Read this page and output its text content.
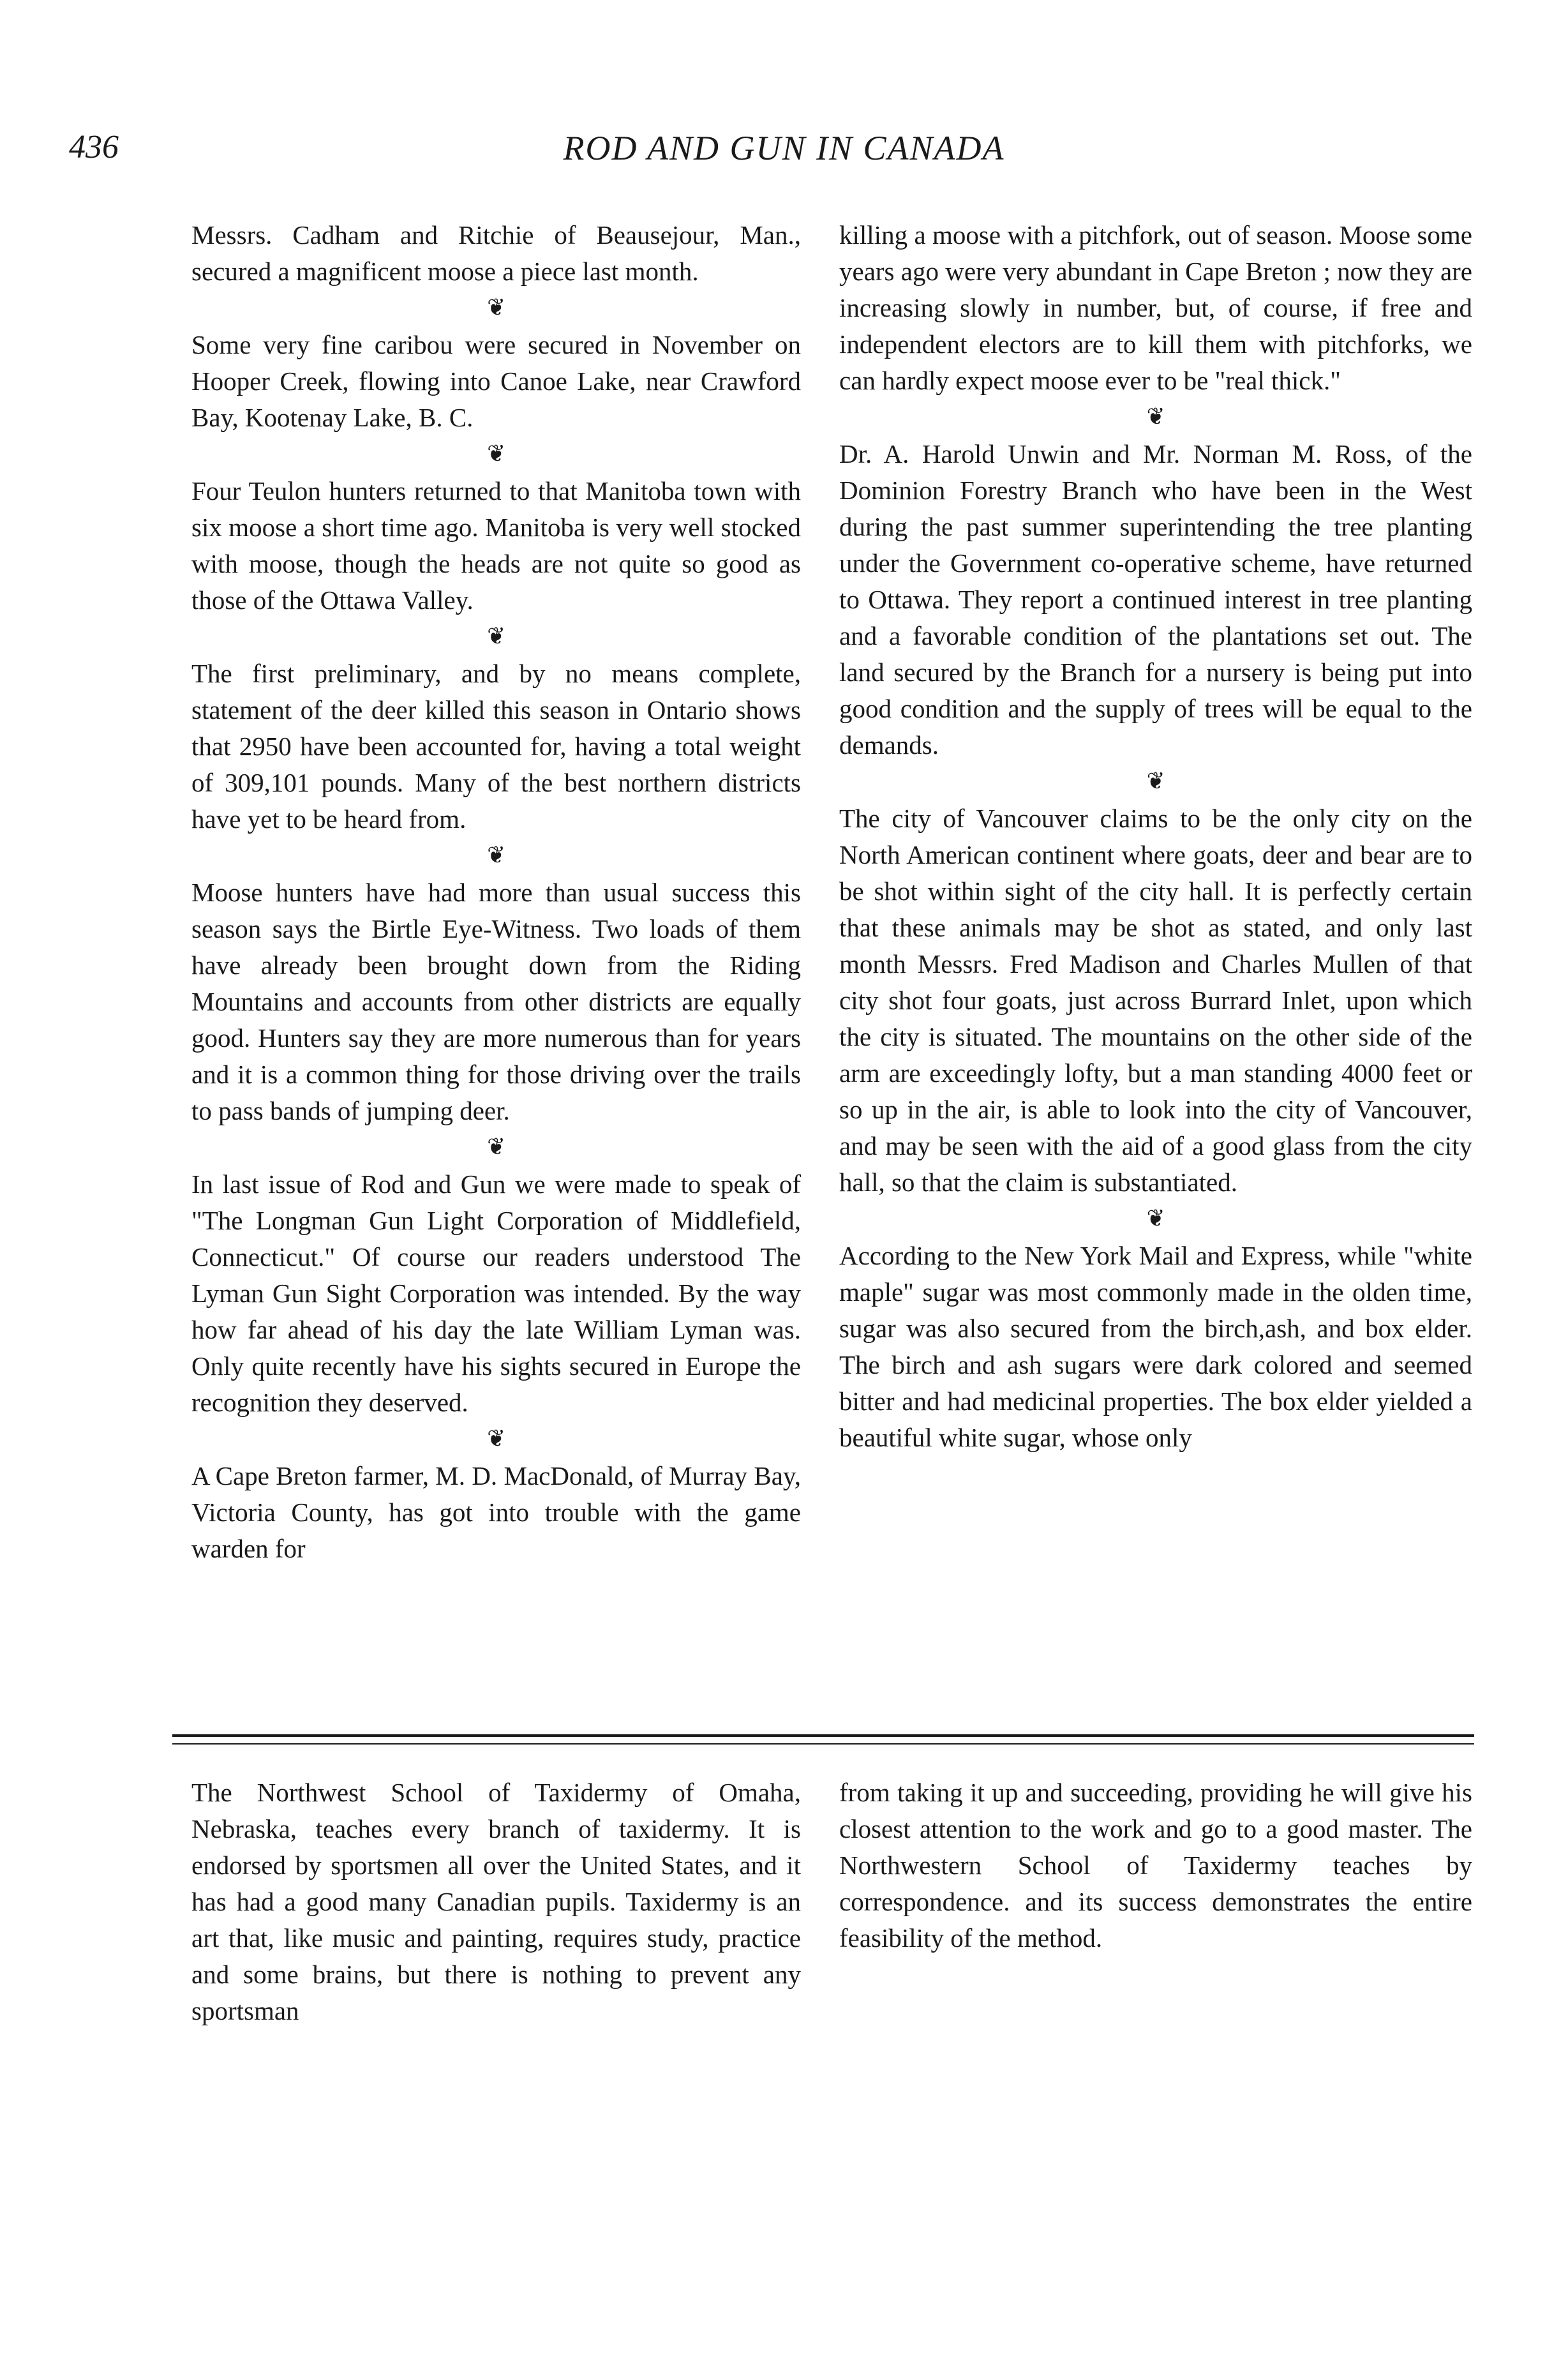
436	ROD AND GUN IN CANADA

Messrs. Cadham and Ritchie of Beausejour, Man., secured a magnificent moose a piece last month.

❦

Some very fine caribou were secured in November on Hooper Creek, flowing into Canoe Lake, near Crawford Bay, Kootenay Lake, B. C.

❦

Four Teulon hunters returned to that Manitoba town with six moose a short time ago. Manitoba is very well stocked with moose, though the heads are not quite so good as those of the Ottawa Valley.

❦

The first preliminary, and by no means complete, statement of the deer killed this season in Ontario shows that 2950 have been accounted for, having a total weight of 309,101 pounds. Many of the best northern districts have yet to be heard from.

❦

Moose hunters have had more than usual success this season says the Birtle Eye-Witness. Two loads of them have already been brought down from the Riding Mountains and accounts from other districts are equally good. Hunters say they are more numerous than for years and it is a common thing for those driving over the trails to pass bands of jumping deer.

❦

In last issue of Rod and Gun we were made to speak of "The Longman Gun Light Corporation of Middlefield, Connecticut." Of course our readers understood The Lyman Gun Sight Corporation was intended. By the way how far ahead of his day the late William Lyman was. Only quite recently have his sights secured in Europe the recognition they deserved.

❦

A Cape Breton farmer, M. D. MacDonald, of Murray Bay, Victoria County, has got into trouble with the game warden for

killing a moose with a pitchfork, out of season. Moose some years ago were very abundant in Cape Breton ; now they are increasing slowly in number, but, of course, if free and independent electors are to kill them with pitchforks, we can hardly expect moose ever to be "real thick."

❦

Dr. A. Harold Unwin and Mr. Norman M. Ross, of the Dominion Forestry Branch who have been in the West during the past summer superintending the tree planting under the Government co-operative scheme, have returned to Ottawa. They report a continued interest in tree planting and a favorable condition of the plantations set out. The land secured by the Branch for a nursery is being put into good condition and the supply of trees will be equal to the demands.

❦

The city of Vancouver claims to be the only city on the North American continent where goats, deer and bear are to be shot within sight of the city hall. It is perfectly certain that these animals may be shot as stated, and only last month Messrs. Fred Madison and Charles Mullen of that city shot four goats, just across Burrard Inlet, upon which the city is situated. The mountains on the other side of the arm are exceedingly lofty, but a man standing 4000 feet or so up in the air, is able to look into the city of Vancouver, and may be seen with the aid of a good glass from the city hall, so that the claim is substantiated.

❦

According to the New York Mail and Express, while "white maple" sugar was most commonly made in the olden time, sugar was also secured from the birch,ash, and box elder. The birch and ash sugars were dark colored and seemed bitter and had medicinal properties. The box elder yielded a beautiful white sugar, whose only

The Northwest School of Taxidermy of Omaha, Nebraska, teaches every branch of taxidermy. It is endorsed by sportsmen all over the United States, and it has had a good many Canadian pupils. Taxidermy is an art that, like music and painting, requires study, practice and some brains, but there is nothing to prevent any sportsman

from taking it up and succeeding, providing he will give his closest attention to the work and go to a good master. The Northwestern School of Taxidermy teaches by correspondence. and its success demonstrates the entire feasibility of the method.
